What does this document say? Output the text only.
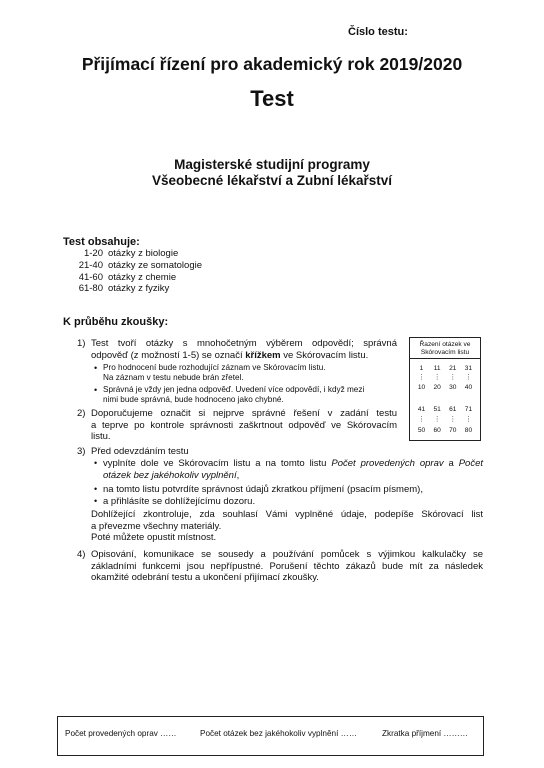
Číslo testu:
Přijímací řízení pro akademický rok 2019/2020
Test
Magisterské studijní programy
Všeobecné lékařství a Zubní lékařství
Test obsahuje:
1-20 otázky z biologie
21-40 otázky ze somatologie
41-60 otázky z chemie
61-80 otázky z fyziky
K průběhu zkoušky:
1) Test tvoří otázky s mnohočetným výběrem odpovědí; správná
odpověď (z možností 1-5) se označí křížkem ve Skórovacím listu.
• Pro hodnocení bude rozhodující záznam ve Skórovacím listu.
Na záznam v testu nebude brán zřetel.
• Správná je vždy jen jedna odpověď. Uvedení více odpovědí, i když mezi
nimi bude správná, bude hodnoceno jako chybné.
2) Doporučujeme označit si nejprve správné řešení v zadání testu
a teprve po kontrole správnosti zaškrtnout odpověď ve Skórovacím
listu.
Řazení otázek ve
Skórovacím listu
1	11	21	31
⋮	⋮	⋮	⋮
10	20	30	40
41	51	61	71
⋮	⋮	⋮	⋮
50	60	70	80
3) Před odevzdáním testu
• vyplníte dole ve Skórovacím listu a na tomto listu Počet provedených oprav a Počet
otázek bez jakéhokoliv vyplnění,
• na tomto listu potvrdíte správnost údajů zkratkou příjmení (psacím písmem),
• a přihlásíte se dohlížejícímu dozoru.
Dohlížející zkontroluje, zda souhlasí Vámi vyplněné údaje, podepíše Skórovací list
a převezme všechny materiály.
Poté můžete opustit místnost.
4) Opisování, komunikace se sousedy a používání pomůcek s výjimkou kalkulačky se
základními funkcemi jsou nepřípustné. Porušení těchto zákazů bude mít za následek
okamžité odebrání testu a ukončení přijímací zkoušky.
Počet provedených oprav ……	Počet otázek bez jakéhokoliv vyplnění ……	Zkratka příjmení ………
